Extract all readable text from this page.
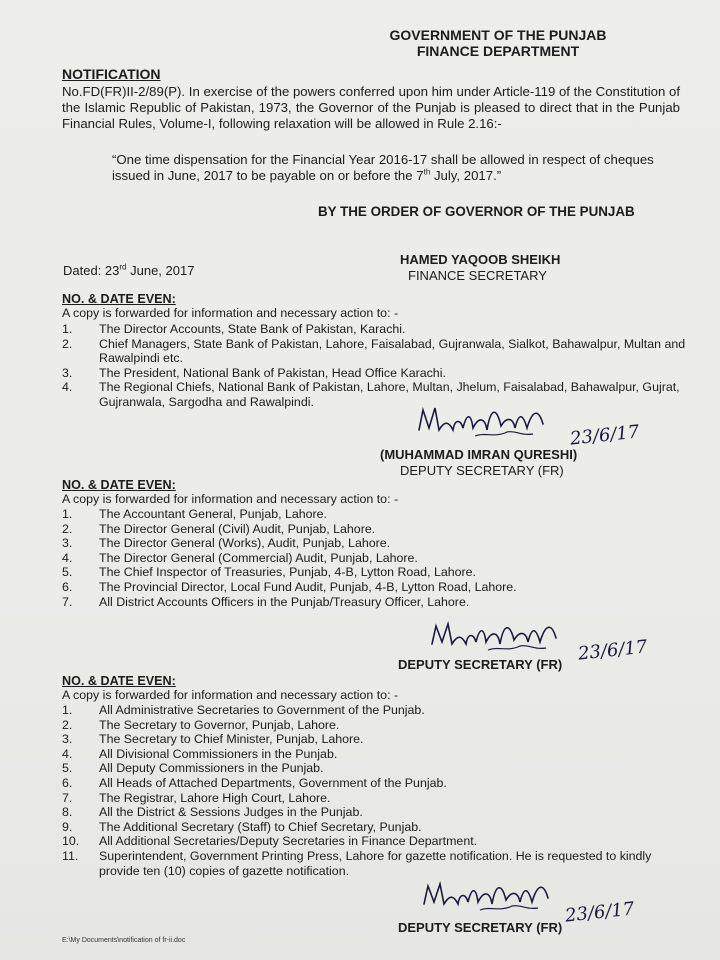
GOVERNMENT OF THE PUNJAB
FINANCE DEPARTMENT
NOTIFICATION
No.FD(FR)II-2/89(P). In exercise of the powers conferred upon him under Article-119 of the Constitution of the Islamic Republic of Pakistan, 1973, the Governor of the Punjab is pleased to direct that in the Punjab Financial Rules, Volume-I, following relaxation will be allowed in Rule 2.16:-
“One time dispensation for the Financial Year 2016-17 shall be allowed in respect of cheques issued in June, 2017 to be payable on or before the 7th July, 2017.”
BY THE ORDER OF GOVERNOR OF THE PUNJAB
HAMED YAQOOB SHEIKH
FINANCE SECRETARY
Dated: 23rd June, 2017
NO. & DATE EVEN:
A copy is forwarded for information and necessary action to: -
1. The Director Accounts, State Bank of Pakistan, Karachi.
2. Chief Managers, State Bank of Pakistan, Lahore, Faisalabad, Gujranwala, Sialkot, Bahawalpur, Multan and Rawalpindi etc.
3. The President, National Bank of Pakistan, Head Office Karachi.
4. The Regional Chiefs, National Bank of Pakistan, Lahore, Multan, Jhelum, Faisalabad, Bahawalpur, Gujrat, Gujranwala, Sargodha and Rawalpindi.
23/6/17
(MUHAMMAD IMRAN QURESHI)
DEPUTY SECRETARY (FR)
NO. & DATE EVEN:
A copy is forwarded for information and necessary action to: -
1. The Accountant General, Punjab, Lahore.
2. The Director General (Civil) Audit, Punjab, Lahore.
3. The Director General (Works), Audit, Punjab, Lahore.
4. The Director General (Commercial) Audit, Punjab, Lahore.
5. The Chief Inspector of Treasuries, Punjab, 4-B, Lytton Road, Lahore.
6. The Provincial Director, Local Fund Audit, Punjab, 4-B, Lytton Road, Lahore.
7. All District Accounts Officers in the Punjab/Treasury Officer, Lahore.
23/6/17
DEPUTY SECRETARY (FR)
NO. & DATE EVEN:
A copy is forwarded for information and necessary action to: -
1. All Administrative Secretaries to Government of the Punjab.
2. The Secretary to Governor, Punjab, Lahore.
3. The Secretary to Chief Minister, Punjab, Lahore.
4. All Divisional Commissioners in the Punjab.
5. All Deputy Commissioners in the Punjab.
6. All Heads of Attached Departments, Government of the Punjab.
7. The Registrar, Lahore High Court, Lahore.
8. All the District & Sessions Judges in the Punjab.
9. The Additional Secretary (Staff) to Chief Secretary, Punjab.
10. All Additional Secretaries/Deputy Secretaries in Finance Department.
11. Superintendent, Government Printing Press, Lahore for gazette notification. He is requested to kindly provide ten (10) copies of gazette notification.
23/6/17
DEPUTY SECRETARY (FR)
E:\My Documents\notification of fr-ii.doc
